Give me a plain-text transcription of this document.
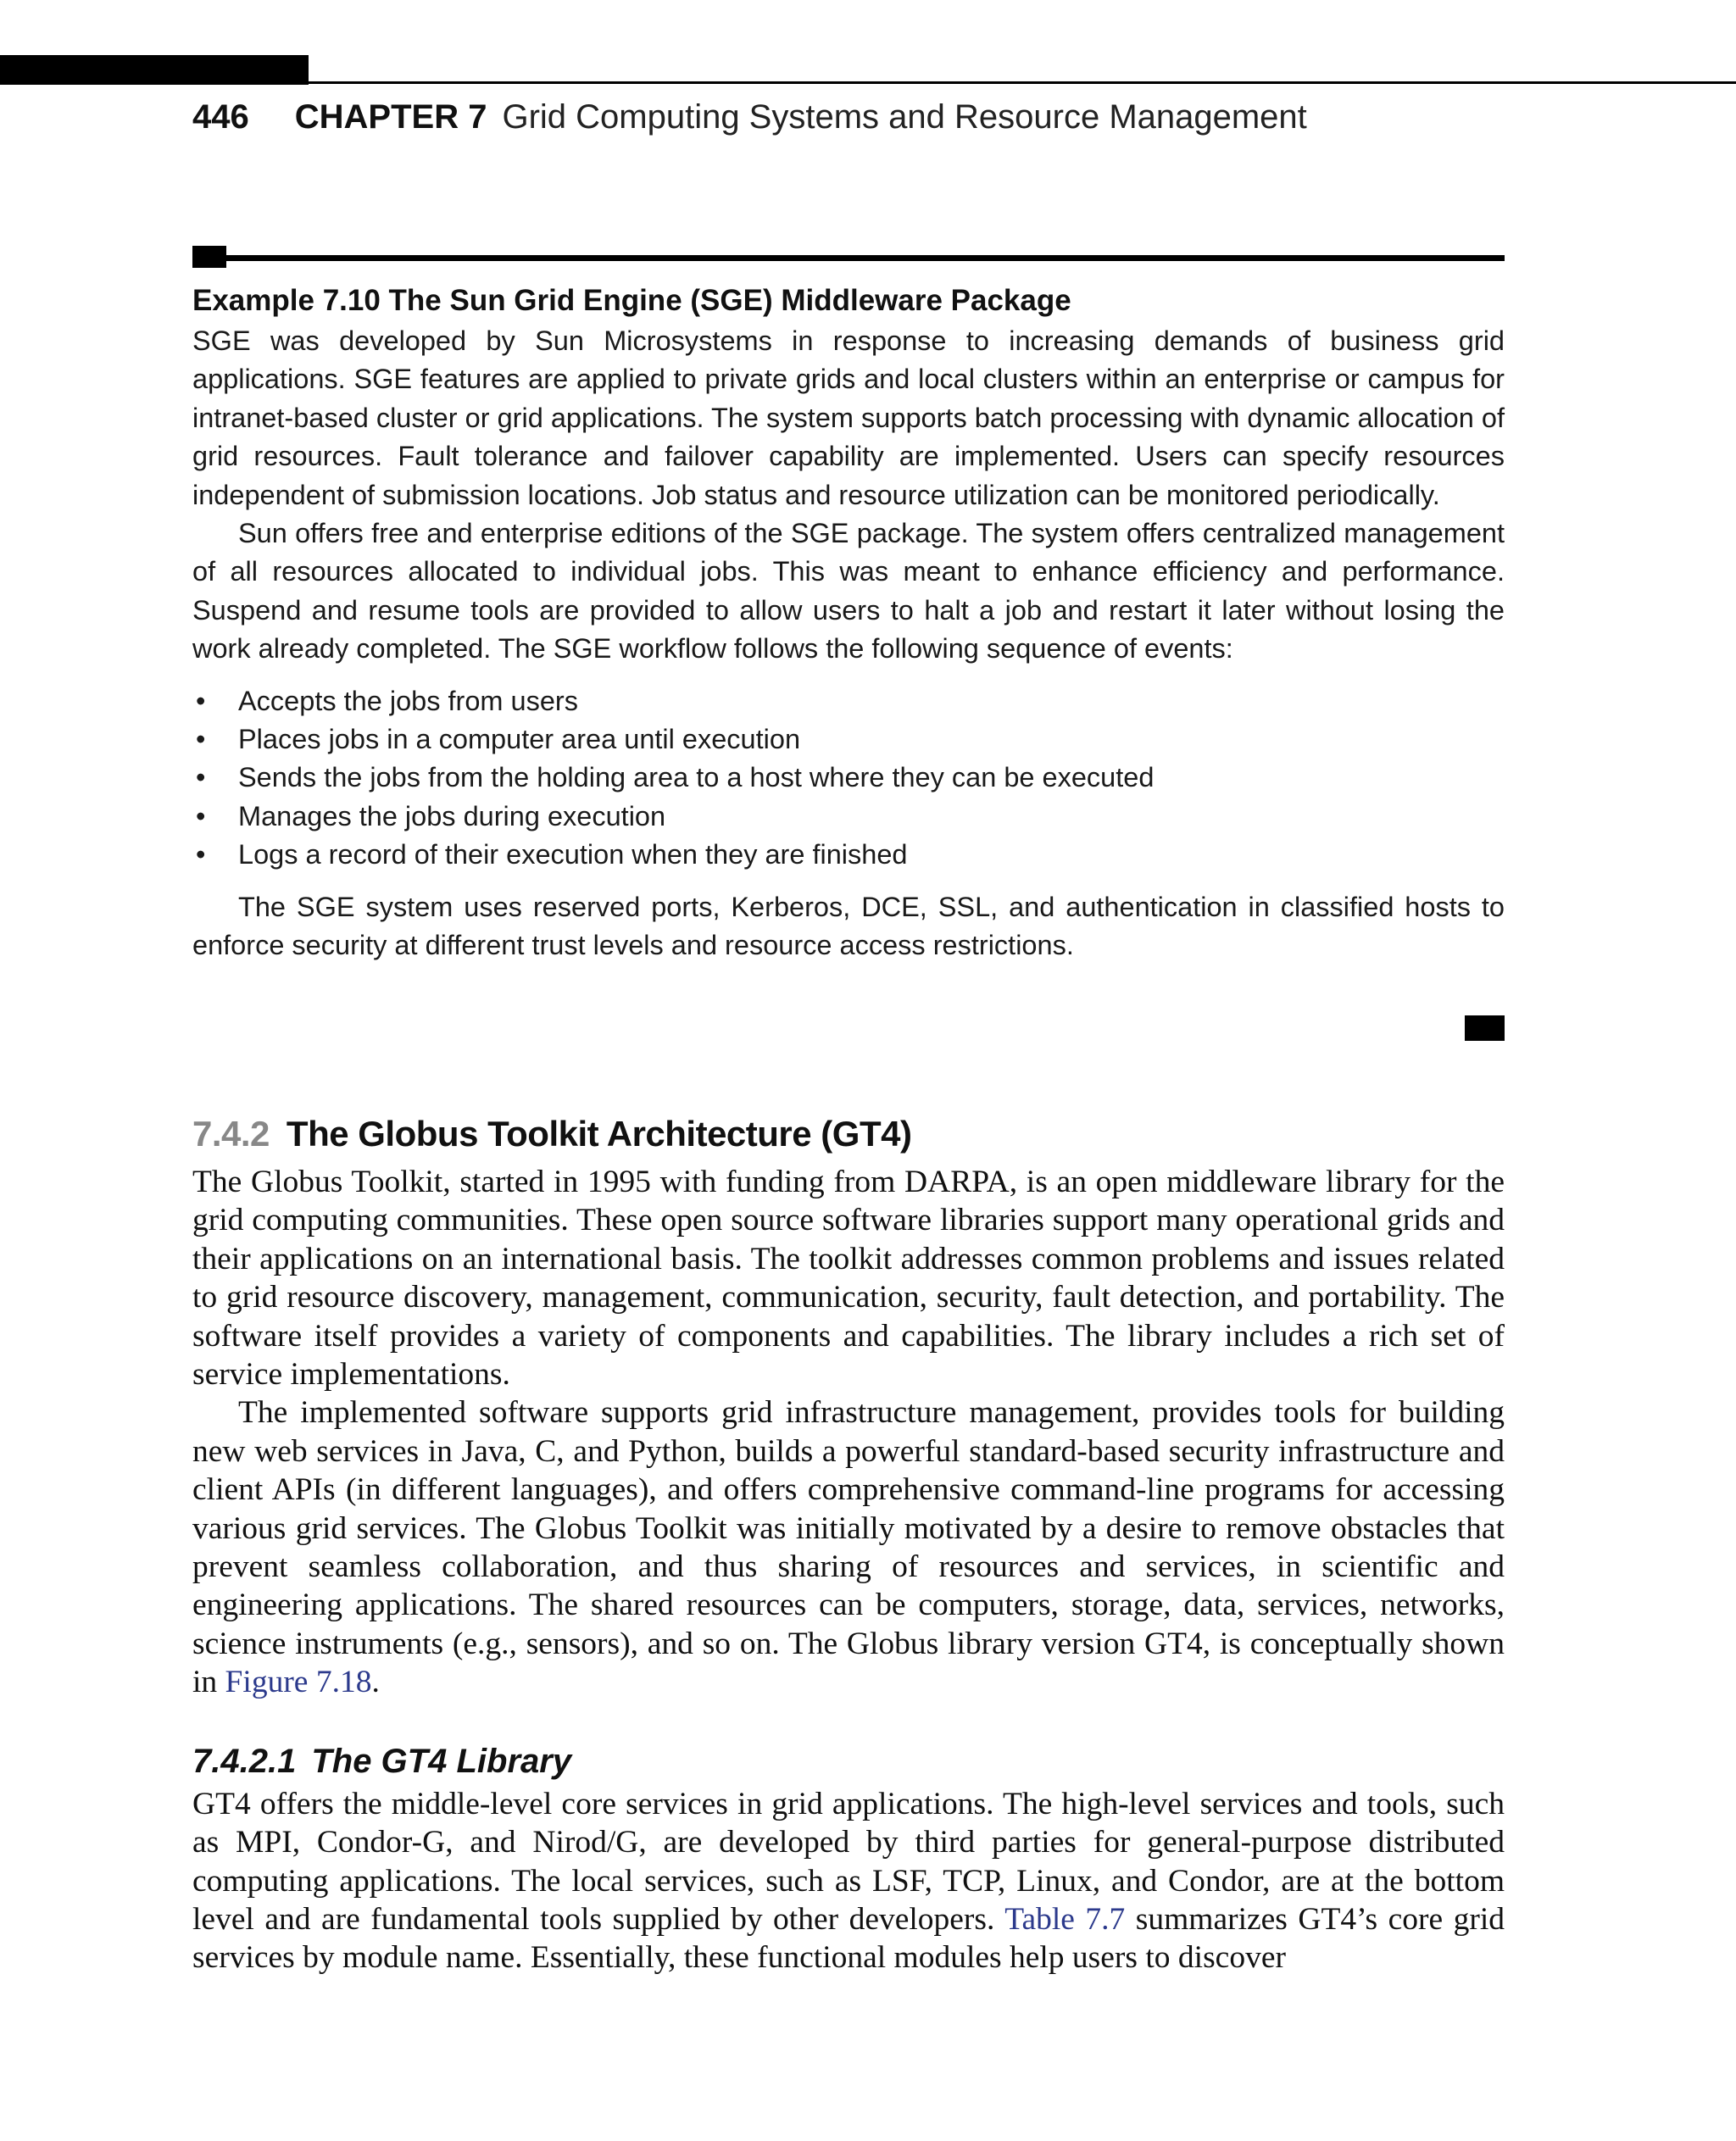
446 CHAPTER 7 Grid Computing Systems and Resource Management
Example 7.10 The Sun Grid Engine (SGE) Middleware Package

SGE was developed by Sun Microsystems in response to increasing demands of business grid applications. SGE features are applied to private grids and local clusters within an enterprise or campus for intranet-based cluster or grid applications. The system supports batch processing with dynamic allocation of grid resources. Fault tolerance and failover capability are implemented. Users can specify resources independent of submission locations. Job status and resource utilization can be monitored periodically.

Sun offers free and enterprise editions of the SGE package. The system offers centralized management of all resources allocated to individual jobs. This was meant to enhance efficiency and performance. Suspend and resume tools are provided to allow users to halt a job and restart it later without losing the work already completed. The SGE workflow follows the following sequence of events:

• Accepts the jobs from users
• Places jobs in a computer area until execution
• Sends the jobs from the holding area to a host where they can be executed
• Manages the jobs during execution
• Logs a record of their execution when they are finished

The SGE system uses reserved ports, Kerberos, DCE, SSL, and authentication in classified hosts to enforce security at different trust levels and resource access restrictions.

7.4.2 The Globus Toolkit Architecture (GT4)

The Globus Toolkit, started in 1995 with funding from DARPA, is an open middleware library for the grid computing communities. These open source software libraries support many operational grids and their applications on an international basis. The toolkit addresses common problems and issues related to grid resource discovery, management, communication, security, fault detection, and portability. The software itself provides a variety of components and capabilities. The library includes a rich set of service implementations.

The implemented software supports grid infrastructure management, provides tools for building new web services in Java, C, and Python, builds a powerful standard-based security infrastructure and client APIs (in different languages), and offers comprehensive command-line programs for accessing various grid services. The Globus Toolkit was initially motivated by a desire to remove obstacles that prevent seamless collaboration, and thus sharing of resources and services, in scientific and engineering applications. The shared resources can be computers, storage, data, services, networks, science instruments (e.g., sensors), and so on. The Globus library version GT4, is conceptually shown in Figure 7.18.

7.4.2.1 The GT4 Library

GT4 offers the middle-level core services in grid applications. The high-level services and tools, such as MPI, Condor-G, and Nirod/G, are developed by third parties for general-purpose distributed computing applications. The local services, such as LSF, TCP, Linux, and Condor, are at the bottom level and are fundamental tools supplied by other developers. Table 7.7 summarizes GT4’s core grid services by module name. Essentially, these functional modules help users to discover
